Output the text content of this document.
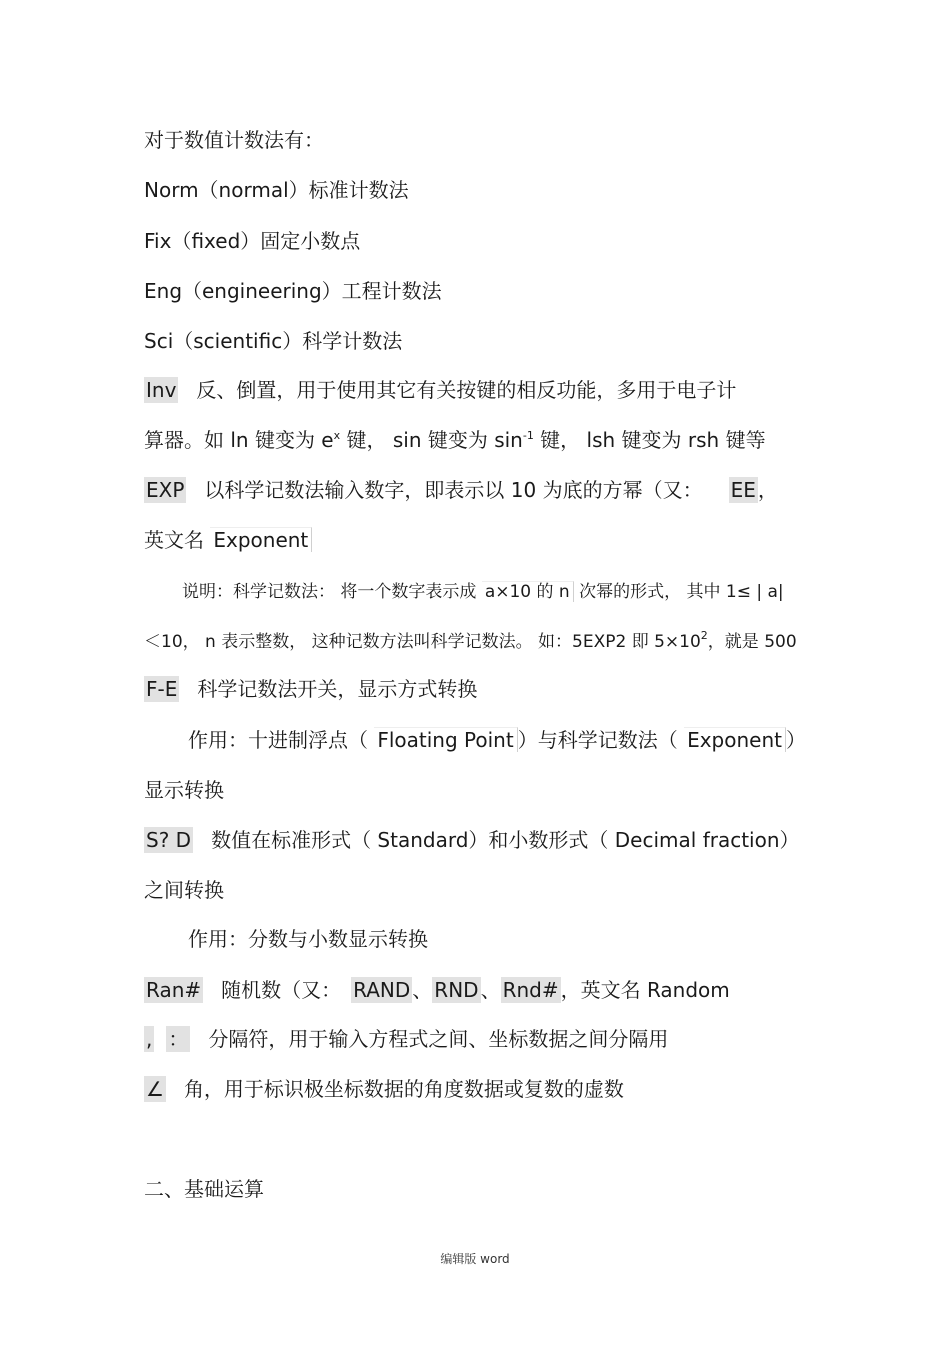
对于数值计数法有：
Norm（normal）标准计数法
Fix（fixed）固定小数点
Eng（engineering）工程计数法
Sci（scientific）科学计数法
Inv 反、倒置，用于使用其它有关按键的相反功能，多用于电子计
算器。如 ln 键变为 $e^x$ 键， sin 键变为 $\sin^{-1}$ 键， lsh 键变为 rsh 键等
EXP 以科学记数法输入数字，即表示以 10 为底的方幂（又： EE ，
英文名 Exponent
说明：科学记数法： 将一个数字表示成 a×10 的 n 次幂的形式， 其中 1≤ | a|
＜10， n 表示整数， 这种记数方法叫科学记数法。 如：5EXP2 即 $5\times 10^2$，就是 500
F-E 科学记数法开关，显示方式转换
作用：十进制浮点（ Floating Point ）与科学记数法（ Exponent ）
显示转换
S? D 数值在标准形式（ Standard）和小数形式（ Decimal fraction）
之间转换
作用：分数与小数显示转换
Ran# 随机数（又： RAND 、 RND 、 Rnd# ，英文名 Random
, ： 分隔符，用于输入方程式之间、坐标数据之间分隔用
∠ 角，用于标识极坐标数据的角度数据或复数的虚数
二、基础运算
编辑版 word
